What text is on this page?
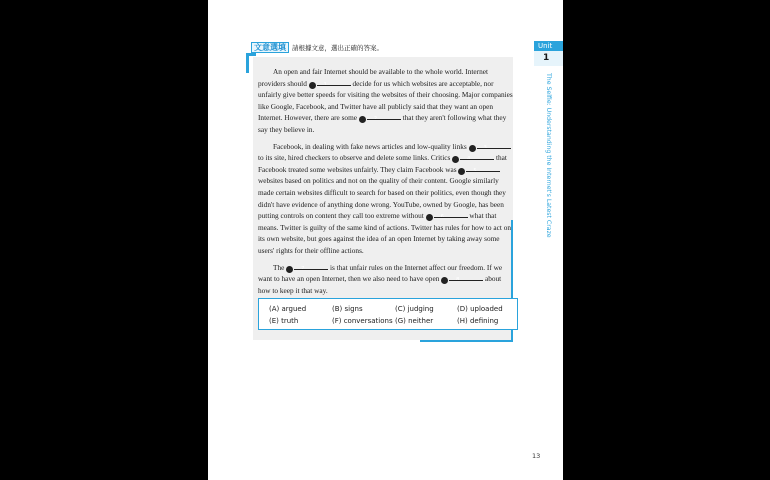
文意選填 請根據文意，選出正確的答案。

An open and fair Internet should be available to the whole world. Internet providers should	1	decide for us which websites are acceptable, nor unfairly give better speeds for visiting the websites of their choosing. Major companies like Google, Facebook, and Twitter have all publicly said that they want an open Internet. However, there are some	2	that they aren't following what they say they believe in.

Facebook, in dealing with fake news articles and low-quality links	3 to its site, hired checkers to observe and delete some links. Critics	4	that Facebook treated some websites unfairly. They claim Facebook was	5 websites based on politics and not on the quality of their content. Google similarly made certain websites difficult to search for based on their politics, even though they didn't have evidence of anything done wrong. YouTube, owned by Google, has been putting controls on content they call too extreme without	6	what that means. Twitter is guilty of the same kind of actions. Twitter has rules for how to act on its own website, but goes against the idea of an open Internet by taking away some users' rights for their offline actions.

The	7	is that unfair rules on the Internet affect our freedom. If we want to have an open Internet, then we also need to have open	8	about how to keep it that way.

(A) argued	(B) signs	(C) judging	(D) uploaded
(E) truth	(F) conversations (G) neither	(H) defining
Unit
1
The Selfie: Understanding the Internet's Latest Craze
13
